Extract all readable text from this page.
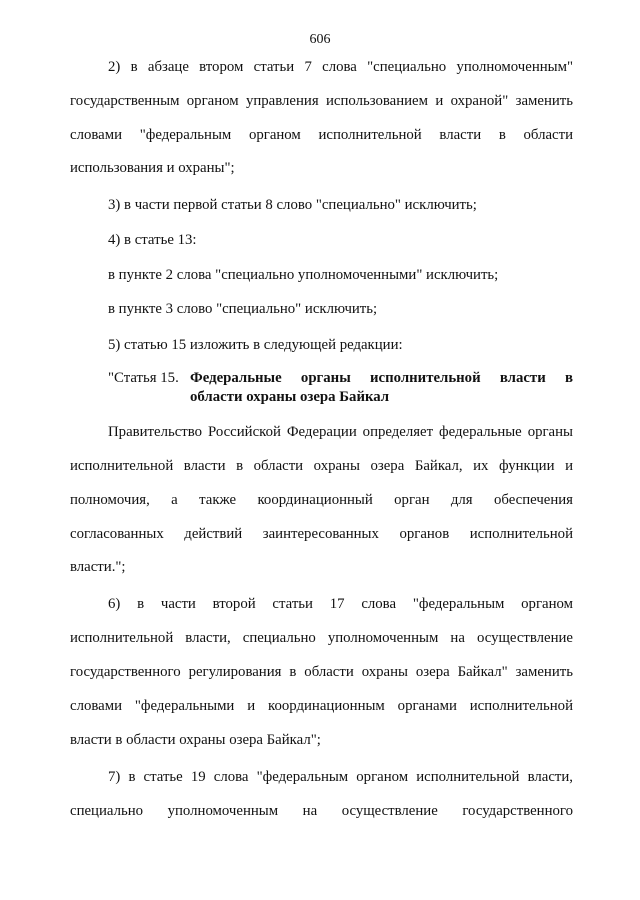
606
2) в абзаце втором статьи 7 слова "специально уполномоченным"
государственным органом управления использованием и охраной" заменить
словами "федеральным органом исполнительной власти в области
использования и охраны";
3) в части первой статьи 8 слово "специально" исключить;
4) в статье 13:
в пункте 2 слова "специально уполномоченными" исключить;
в пункте 3 слово "специально" исключить;
5) статью 15 изложить в следующей редакции:
"Статья 15. Федеральные органы исполнительной власти в
области охраны озера Байкал
Правительство Российской Федерации определяет федеральные органы
исполнительной власти в области охраны озера Байкал, их функции и
полномочия, а также координационный орган для обеспечения
согласованных действий заинтересованных органов исполнительной
власти.";
6) в части второй статьи 17 слова "федеральным органом
исполнительной власти, специально уполномоченным на осуществление
государственного регулирования в области охраны озера Байкал" заменить
словами "федеральными и координационным органами исполнительной
власти в области охраны озера Байкал";
7) в статье 19 слова "федеральным органом исполнительной власти,
специально уполномоченным на осуществление государственного
